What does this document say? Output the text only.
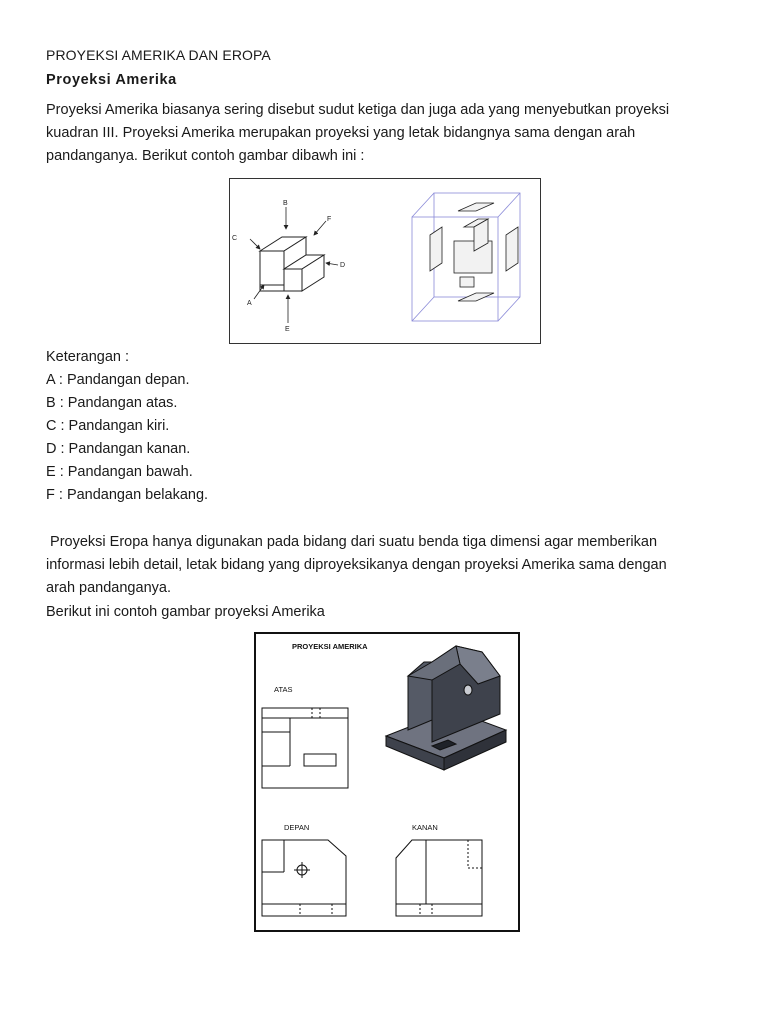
PROYEKSI AMERIKA DAN EROPA
Proyeksi Amerika
Proyeksi Amerika biasanya sering disebut sudut ketiga dan juga ada yang menyebutkan proyeksi
kuadran III. Proyeksi Amerika merupakan proyeksi yang letak bidangnya sama dengan arah
pandanganya. Berikut contoh gambar dibawh ini :
B
C
F
D
A
E
Keterangan :
A : Pandangan depan.
B : Pandangan atas.
C : Pandangan kiri.
D : Pandangan kanan.
E : Pandangan bawah.
F : Pandangan belakang.
Proyeksi Eropa hanya digunakan pada bidang dari suatu benda tiga dimensi agar memberikan
informasi lebih detail, letak bidang yang diproyeksikanya dengan proyeksi Amerika sama dengan
arah pandanganya.
Berikut ini contoh gambar proyeksi Amerika
PROYEKSI AMERIKA
ATAS
DEPAN	KANAN
